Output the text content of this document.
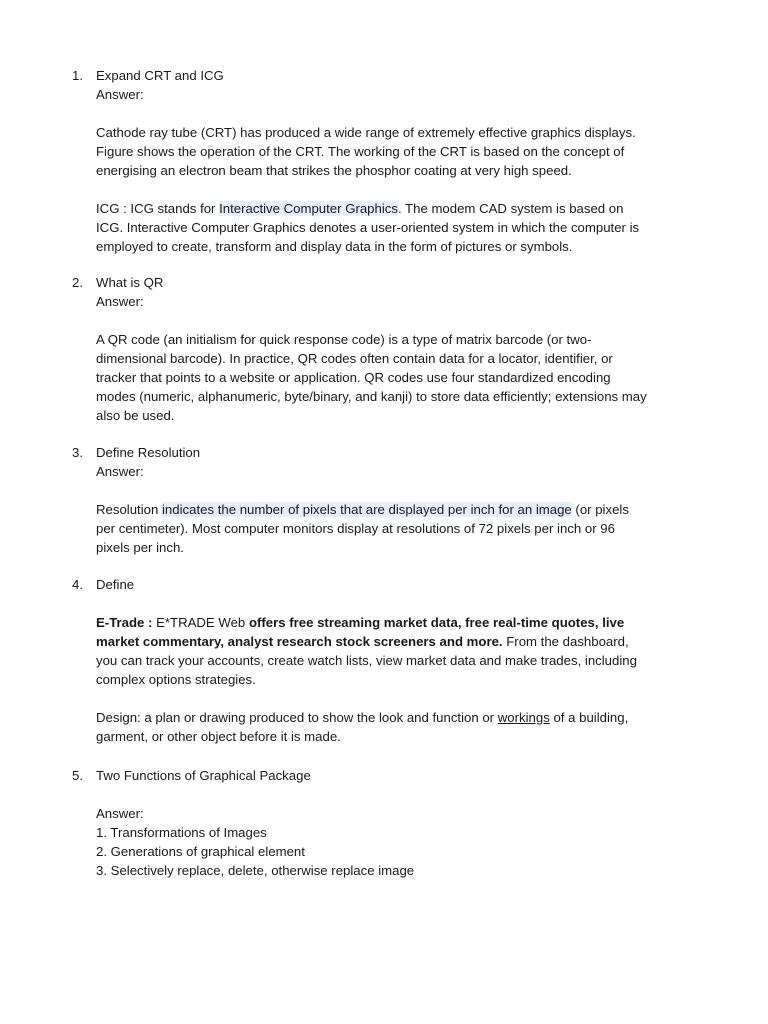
1. Expand CRT and ICG
Answer:
Cathode ray tube (CRT) has produced a wide range of extremely effective graphics displays.
Figure shows the operation of the CRT. The working of the CRT is based on the concept of
energising an electron beam that strikes the phosphor coating at very high speed.
ICG : ICG stands for Interactive Computer Graphics. The modem CAD system is based on
ICG. Interactive Computer Graphics denotes a user-oriented system in which the computer is
employed to create, transform and display data in the form of pictures or symbols.
2. What is QR
Answer:
A QR code (an initialism for quick response code) is a type of matrix barcode (or two-
dimensional barcode). In practice, QR codes often contain data for a locator, identifier, or
tracker that points to a website or application. QR codes use four standardized encoding
modes (numeric, alphanumeric, byte/binary, and kanji) to store data efficiently; extensions may
also be used.
3. Define Resolution
Answer:
Resolution indicates the number of pixels that are displayed per inch for an image (or pixels
per centimeter). Most computer monitors display at resolutions of 72 pixels per inch or 96
pixels per inch.
4. Define
E-Trade : E*TRADE Web offers free streaming market data, free real-time quotes, live
market commentary, analyst research stock screeners and more. From the dashboard,
you can track your accounts, create watch lists, view market data and make trades, including
complex options strategies.
Design: a plan or drawing produced to show the look and function or workings of a building,
garment, or other object before it is made.
5. Two Functions of Graphical Package
Answer:
1. Transformations of Images
2. Generations of graphical element
3. Selectively replace, delete, otherwise replace image
